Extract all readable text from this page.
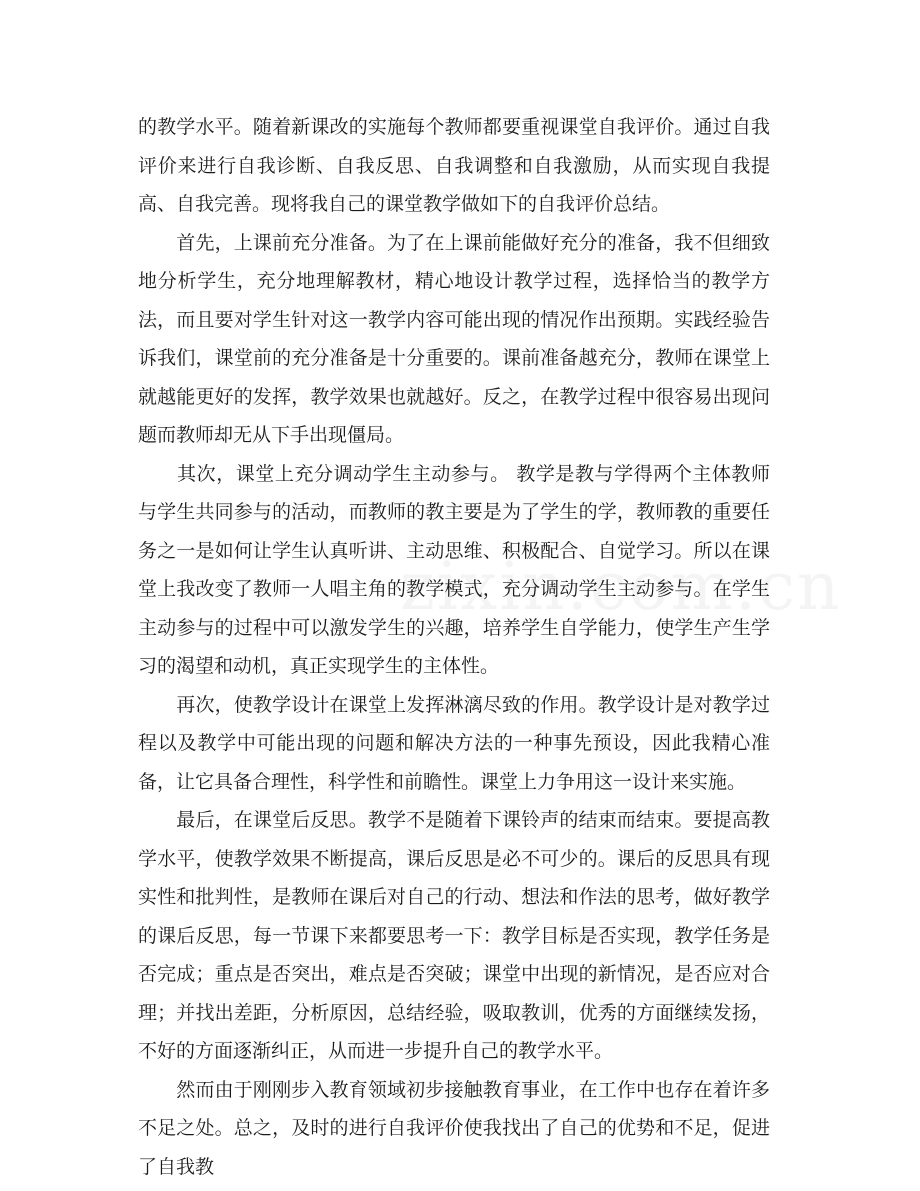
的教学水平。随着新课改的实施每个教师都要重视课堂自我评价。通过自我评价来进行自我诊断、自我反思、自我调整和自我激励，从而实现自我提高、自我完善。现将我自己的课堂教学做如下的自我评价总结。

　　首先，上课前充分准备。为了在上课前能做好充分的准备，我不但细致地分析学生，充分地理解教材，精心地设计教学过程，选择恰当的教学方法，而且要对学生针对这一教学内容可能出现的情况作出预期。实践经验告诉我们，课堂前的充分准备是十分重要的。课前准备越充分，教师在课堂上就越能更好的发挥，教学效果也就越好。反之，在教学过程中很容易出现问题而教师却无从下手出现僵局。

　　其次，课堂上充分调动学生主动参与。 教学是教与学得两个主体教师与学生共同参与的活动，而教师的教主要是为了学生的学，教师教的重要任务之一是如何让学生认真听讲、主动思维、积极配合、自觉学习。所以在课堂上我改变了教师一人唱主角的教学模式，充分调动学生主动参与。在学生主动参与的过程中可以激发学生的兴趣，培养学生自学能力，使学生产生学习的渴望和动机，真正实现学生的主体性。

　　再次，使教学设计在课堂上发挥淋漓尽致的作用。教学设计是对教学过程以及教学中可能出现的问题和解决方法的一种事先预设，因此我精心准备，让它具备合理性，科学性和前瞻性。课堂上力争用这一设计来实施。

　　最后，在课堂后反思。教学不是随着下课铃声的结束而结束。要提高教学水平，使教学效果不断提高，课后反思是必不可少的。课后的反思具有现实性和批判性，是教师在课后对自己的行动、想法和作法的思考，做好教学的课后反思，每一节课下来都要思考一下：教学目标是否实现，教学任务是否完成；重点是否突出，难点是否突破；课堂中出现的新情况，是否应对合理；并找出差距，分析原因，总结经验，吸取教训，优秀的方面继续发扬，不好的方面逐渐纠正，从而进一步提升自己的教学水平。

　　然而由于刚刚步入教育领域初步接触教育事业，在工作中也存在着许多不足之处。总之，及时的进行自我评价使我找出了自己的优势和不足，促进了自我教
